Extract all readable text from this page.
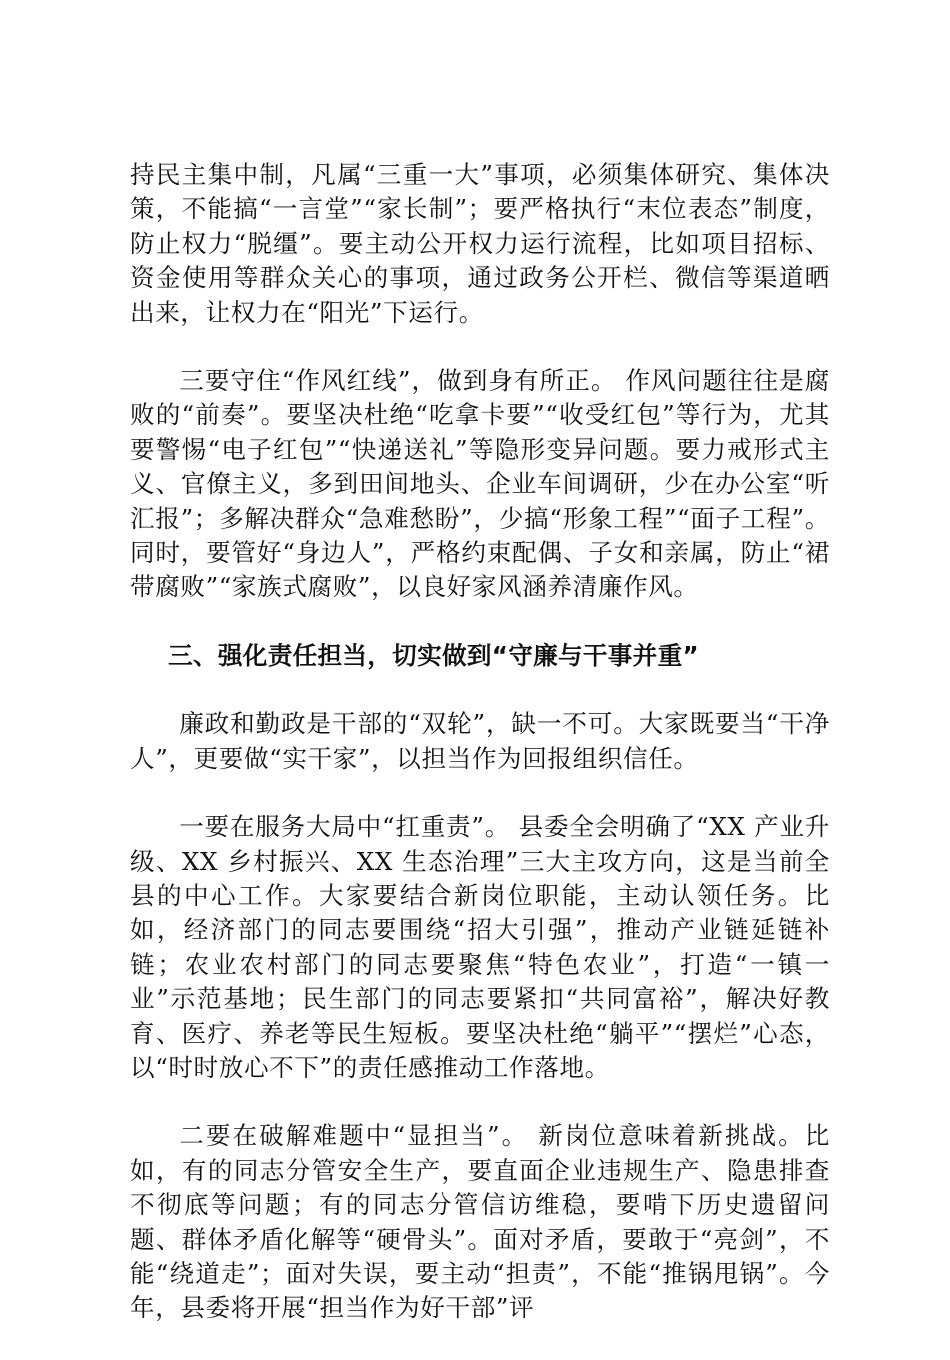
持民主集中制，凡属“三重一大”事项，必须集体研究、集体决策，不能搞“一言堂”“家长制”；要严格执行“末位表态”制度，防止权力“脱缰”。要主动公开权力运行流程，比如项目招标、资金使用等群众关心的事项，通过政务公开栏、微信等渠道晒出来，让权力在“阳光”下运行。

三要守住“作风红线”，做到身有所正。 作风问题往往是腐败的“前奏”。要坚决杜绝“吃拿卡要”“收受红包”等行为，尤其要警惕“电子红包”“快递送礼”等隐形变异问题。要力戒形式主义、官僚主义，多到田间地头、企业车间调研，少在办公室“听汇报”；多解决群众“急难愁盼”，少搞“形象工程”“面子工程”。同时，要管好“身边人”，严格约束配偶、子女和亲属，防止“裙带腐败”“家族式腐败”，以良好家风涵养清廉作风。

三、强化责任担当，切实做到“守廉与干事并重”

廉政和勤政是干部的“双轮”，缺一不可。大家既要当“干净人”，更要做“实干家”，以担当作为回报组织信任。

一要在服务大局中“扛重责”。 县委全会明确了“XX 产业升级、XX 乡村振兴、XX 生态治理”三大主攻方向，这是当前全县的中心工作。大家要结合新岗位职能，主动认领任务。比如，经济部门的同志要围绕“招大引强”，推动产业链延链补链；农业农村部门的同志要聚焦“特色农业”，打造“一镇一业”示范基地；民生部门的同志要紧扣“共同富裕”，解决好教育、医疗、养老等民生短板。要坚决杜绝“躺平”“摆烂”心态，以“时时放心不下”的责任感推动工作落地。

二要在破解难题中“显担当”。 新岗位意味着新挑战。比如，有的同志分管安全生产，要直面企业违规生产、隐患排查不彻底等问题；有的同志分管信访维稳，要啃下历史遗留问题、群体矛盾化解等“硬骨头”。面对矛盾，要敢于“亮剑”，不能“绕道走”；面对失误，要主动“担责”，不能“推锅甩锅”。今年，县委将开展“担当作为好干部”评
